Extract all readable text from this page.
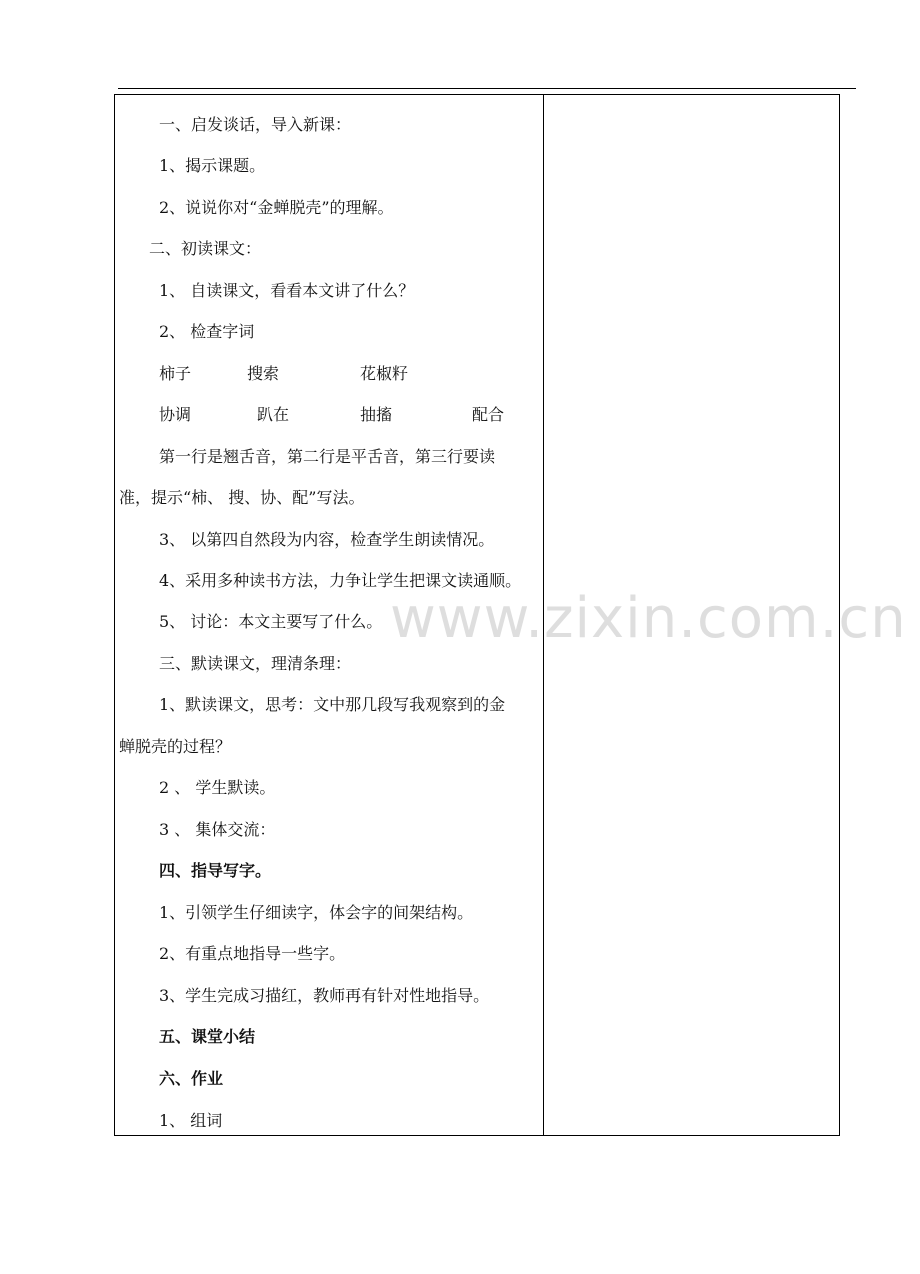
一、启发谈话，导入新课：
1、揭示课题。
2、说说你对“金蝉脱壳”的理解。
二、初读课文：
1、 自读课文，看看本文讲了什么？
2、 检查字词
柿子	搜索	花椒籽
协调	趴在	抽搐	配合
第一行是翘舌音，第二行是平舌音，第三行要读
准，提示“柿、 搜、协、配”写法。
3、 以第四自然段为内容，检查学生朗读情况。
4、采用多种读书方法，力争让学生把课文读通顺。
5、 讨论：本文主要写了什么。
三、默读课文，理清条理：
1、默读课文，思考：文中那几段写我观察到的金
蝉脱壳的过程？
2 、 学生默读。
3 、 集体交流：
四、指导写字。
1、引领学生仔细读字，体会字的间架结构。
2、有重点地指导一些字。
3、学生完成习描红，教师再有针对性地指导。
五、课堂小结
六、作业
1、 组词
www.zixin.com.cn
